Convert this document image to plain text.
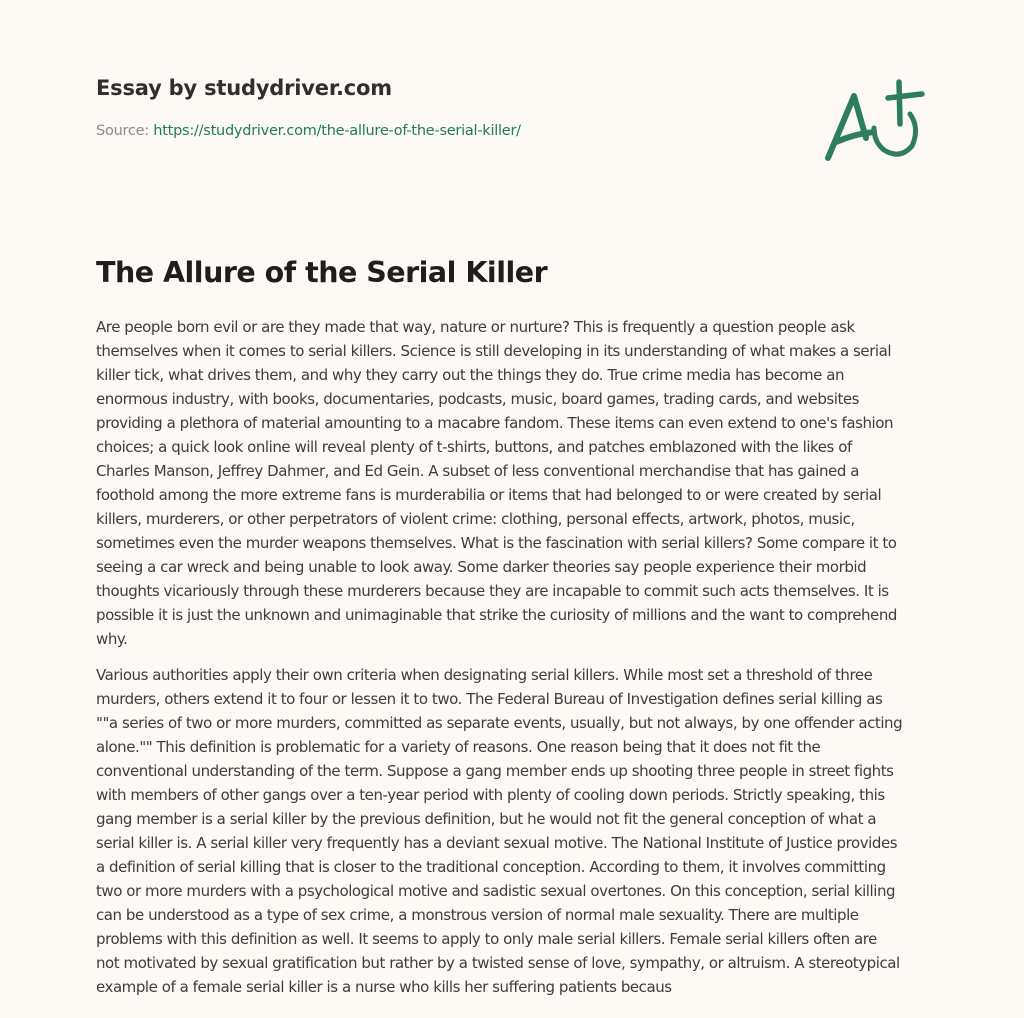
Essay by studydriver.com
Source: https://studydriver.com/the-allure-of-the-serial-killer/
The Allure of the Serial Killer

Are people born evil or are they made that way, nature or nurture? This is frequently a question people ask
themselves when it comes to serial killers. Science is still developing in its understanding of what makes a serial
killer tick, what drives them, and why they carry out the things they do. True crime media has become an
enormous industry, with books, documentaries, podcasts, music, board games, trading cards, and websites
providing a plethora of material amounting to a macabre fandom. These items can even extend to one's fashion
choices; a quick look online will reveal plenty of t-shirts, buttons, and patches emblazoned with the likes of
Charles Manson, Jeffrey Dahmer, and Ed Gein. A subset of less conventional merchandise that has gained a
foothold among the more extreme fans is murderabilia or items that had belonged to or were created by serial
killers, murderers, or other perpetrators of violent crime: clothing, personal effects, artwork, photos, music,
sometimes even the murder weapons themselves. What is the fascination with serial killers? Some compare it to
seeing a car wreck and being unable to look away. Some darker theories say people experience their morbid
thoughts vicariously through these murderers because they are incapable to commit such acts themselves. It is
possible it is just the unknown and unimaginable that strike the curiosity of millions and the want to comprehend
why.

Various authorities apply their own criteria when designating serial killers. While most set a threshold of three
murders, others extend it to four or lessen it to two. The Federal Bureau of Investigation defines serial killing as
""a series of two or more murders, committed as separate events, usually, but not always, by one offender acting
alone."" This definition is problematic for a variety of reasons. One reason being that it does not fit the
conventional understanding of the term. Suppose a gang member ends up shooting three people in street fights
with members of other gangs over a ten-year period with plenty of cooling down periods. Strictly speaking, this
gang member is a serial killer by the previous definition, but he would not fit the general conception of what a
serial killer is. A serial killer very frequently has a deviant sexual motive. The National Institute of Justice provides
a definition of serial killing that is closer to the traditional conception. According to them, it involves committing
two or more murders with a psychological motive and sadistic sexual overtones. On this conception, serial killing
can be understood as a type of sex crime, a monstrous version of normal male sexuality. There are multiple
problems with this definition as well. It seems to apply to only male serial killers. Female serial killers often are
not motivated by sexual gratification but rather by a twisted sense of love, sympathy, or altruism. A stereotypical
example of a female serial killer is a nurse who kills her suffering patients becaus
